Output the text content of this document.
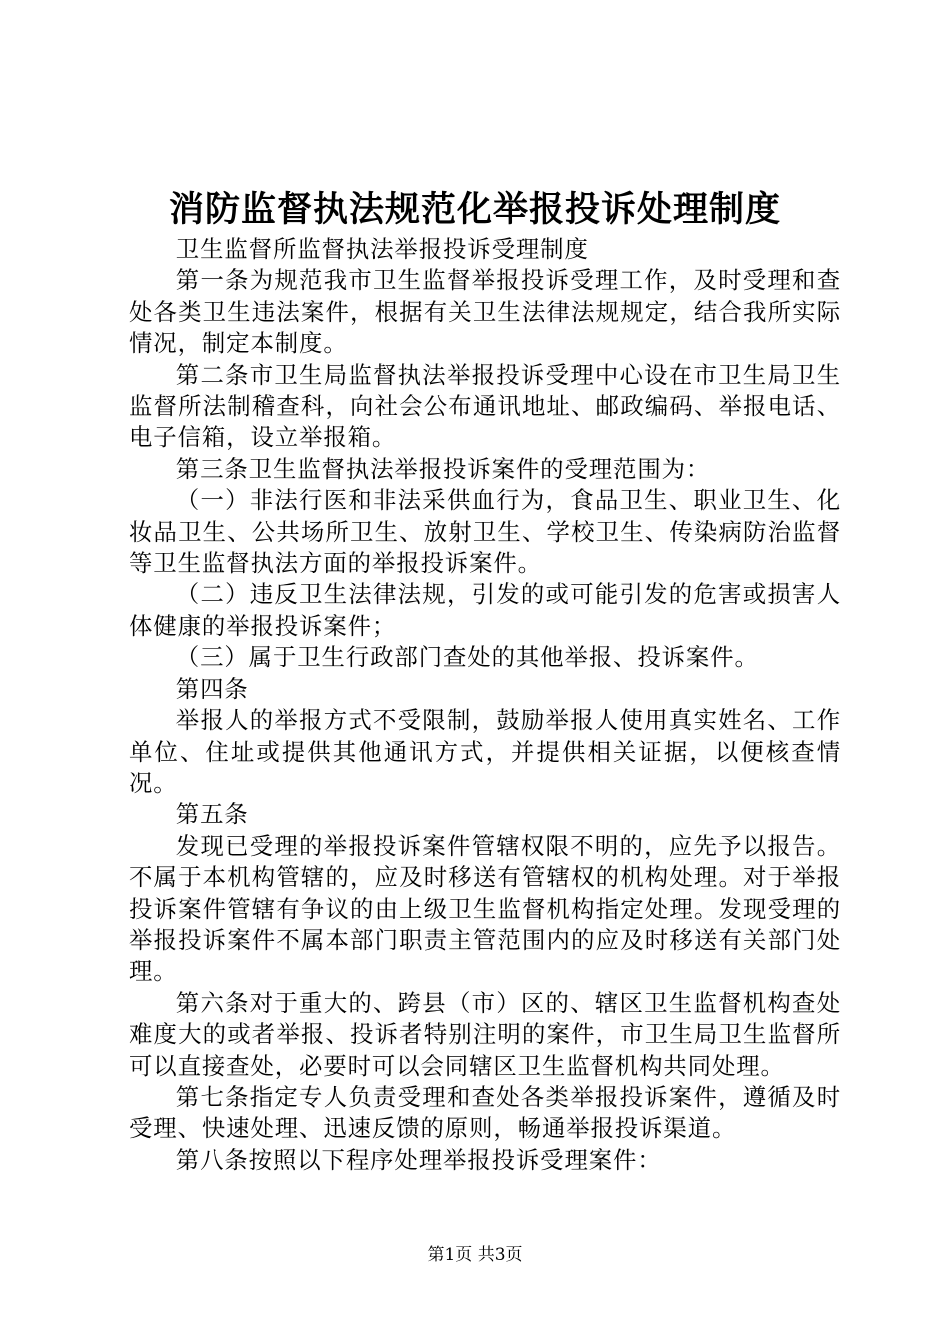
消防监督执法规范化举报投诉处理制度

卫生监督所监督执法举报投诉受理制度

第一条为规范我市卫生监督举报投诉受理工作，及时受理和查处各类卫生违法案件，根据有关卫生法律法规规定，结合我所实际情况，制定本制度。

第二条市卫生局监督执法举报投诉受理中心设在市卫生局卫生监督所法制稽查科，向社会公布通讯地址、邮政编码、举报电话、电子信箱，设立举报箱。

第三条卫生监督执法举报投诉案件的受理范围为：

（一）非法行医和非法采供血行为，食品卫生、职业卫生、化妆品卫生、公共场所卫生、放射卫生、学校卫生、传染病防治监督等卫生监督执法方面的举报投诉案件。

（二）违反卫生法律法规，引发的或可能引发的危害或损害人体健康的举报投诉案件；

（三）属于卫生行政部门查处的其他举报、投诉案件。

第四条

举报人的举报方式不受限制，鼓励举报人使用真实姓名、工作单位、住址或提供其他通讯方式，并提供相关证据，以便核查情况。

第五条

发现已受理的举报投诉案件管辖权限不明的，应先予以报告。不属于本机构管辖的，应及时移送有管辖权的机构处理。对于举报投诉案件管辖有争议的由上级卫生监督机构指定处理。发现受理的举报投诉案件不属本部门职责主管范围内的应及时移送有关部门处理。

第六条对于重大的、跨县（市）区的、辖区卫生监督机构查处难度大的或者举报、投诉者特别注明的案件，市卫生局卫生监督所可以直接查处，必要时可以会同辖区卫生监督机构共同处理。

第七条指定专人负责受理和查处各类举报投诉案件，遵循及时受理、快速处理、迅速反馈的原则，畅通举报投诉渠道。

第八条按照以下程序处理举报投诉受理案件：

第1页 共3页
